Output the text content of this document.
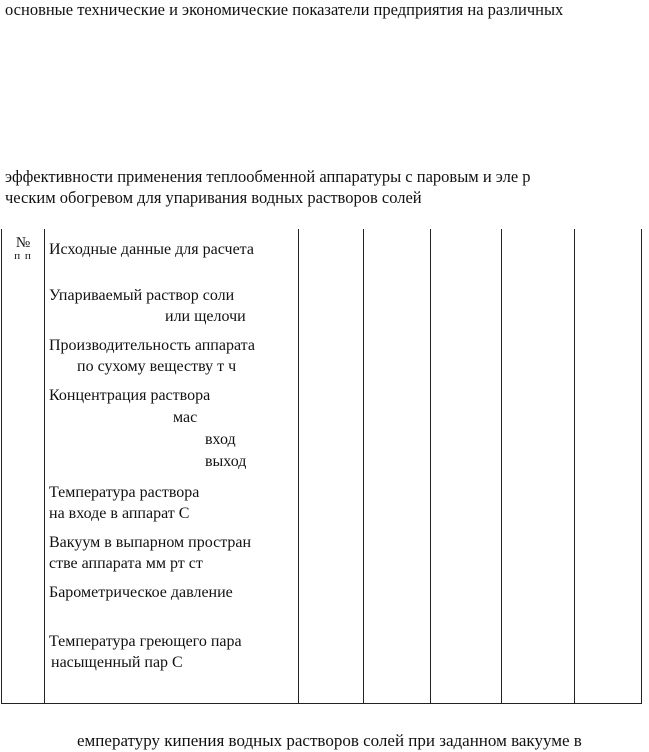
основные технические и экономические показатели предприятия на различных
эффективности применения теплообменной аппаратуры с паровым и эле р
ческим обогревом для упаривания водных растворов солей
№
п п	Исходные данные для расчета
Упариваемый раствор соли
или щелочи
Производительность аппарата
по сухому веществу т ч
Концентрация раствора
мас
вход
выход
Температура раствора
на входе в аппарат С
Вакуум в выпарном простран
стве аппарата мм рт ст
Барометрическое давление
Температура греющего пара
насыщенный пар С

емпературу кипения водных растворов солей при заданном вакууме в
